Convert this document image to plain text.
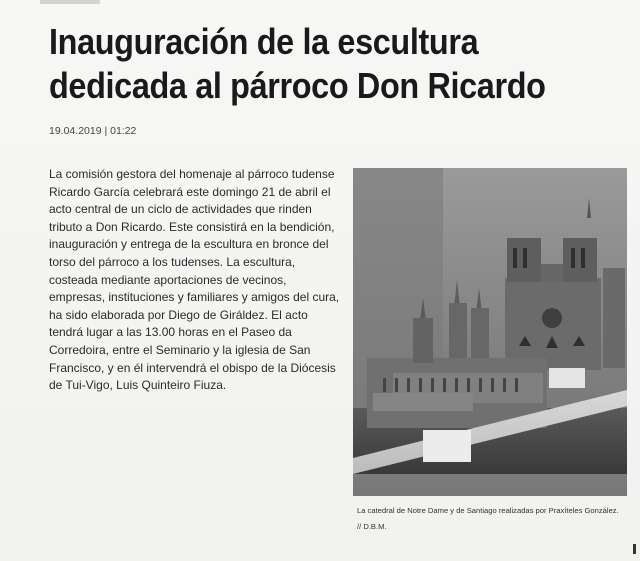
Inauguración de la escultura dedicada al párroco Don Ricardo
19.04.2019 | 01:22

La comisión gestora del homenaje al párroco tudense Ricardo García celebrará este domingo 21 de abril el acto central de un ciclo de actividades que rinden tributo a Don Ricardo. Este consistirá en la bendición, inauguración y entrega de la escultura en bronce del torso del párroco a los tudenses. La escultura, costeada mediante aportaciones de vecinos, empresas, instituciones y familiares y amigos del cura, ha sido elaborada por Diego de Giráldez. El acto tendrá lugar a las 13.00 horas en el Paseo da Corredoira, entre el Seminario y la iglesia de San Francisco, y en él intervendrá el obispo de la Diócesis de Tui-Vigo, Luis Quinteiro Fiuza.

La catedral de Notre Dame y de Santiago realizadas por Praxíteles González. // D.B.M.
